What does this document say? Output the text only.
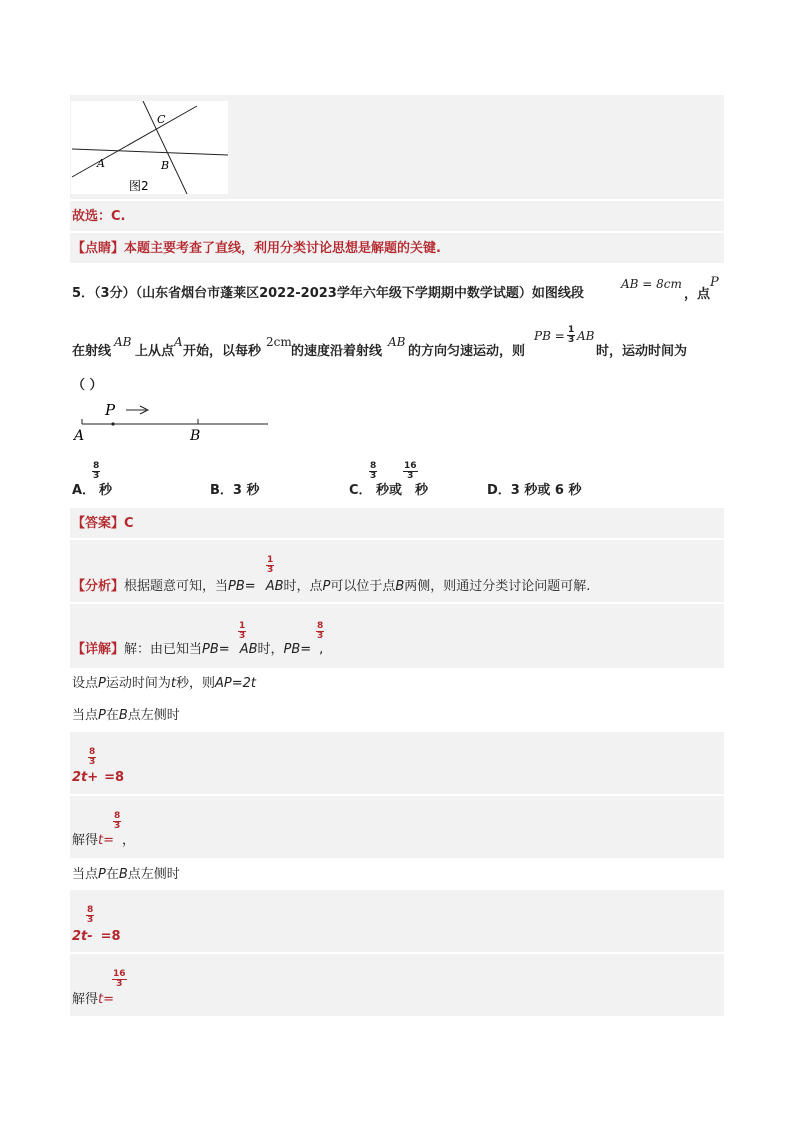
C
A	B
图2
故选：C.
【点睛】本题主要考查了直线，利用分类讨论思想是解题的关键.
5．（3分）（山东省烟台市蓬莱区2022-2023学年六年级下学期期中数学试题）如图线段
AB = 8cm
，点
P
在射线
AB
上从点
A
开始，以每秒
2cm
的速度沿着射线
AB
的方向匀速运动，则
PB = 1
3 AB
时，运动时间为
（ ）
P
A	B
A．
8
3
秒	B．3 秒	C．
8
3
秒或
16
3
秒	D．3 秒或 6 秒
【答案】C
【分析】根据题意可知，当PB= AB时，点P可以位于点B两侧，则通过分类讨论问题可解.
1
3
【详解】解：由已知当PB= AB时，PB= ,
1
3
8
3
设点P运动时间为t秒，则AP=2t
当点P在B点左侧时
8
3
2t+ =8
解得t= ，
8
3
当点P在B点左侧时
8
3
2t- =8
解得t=
16
3
